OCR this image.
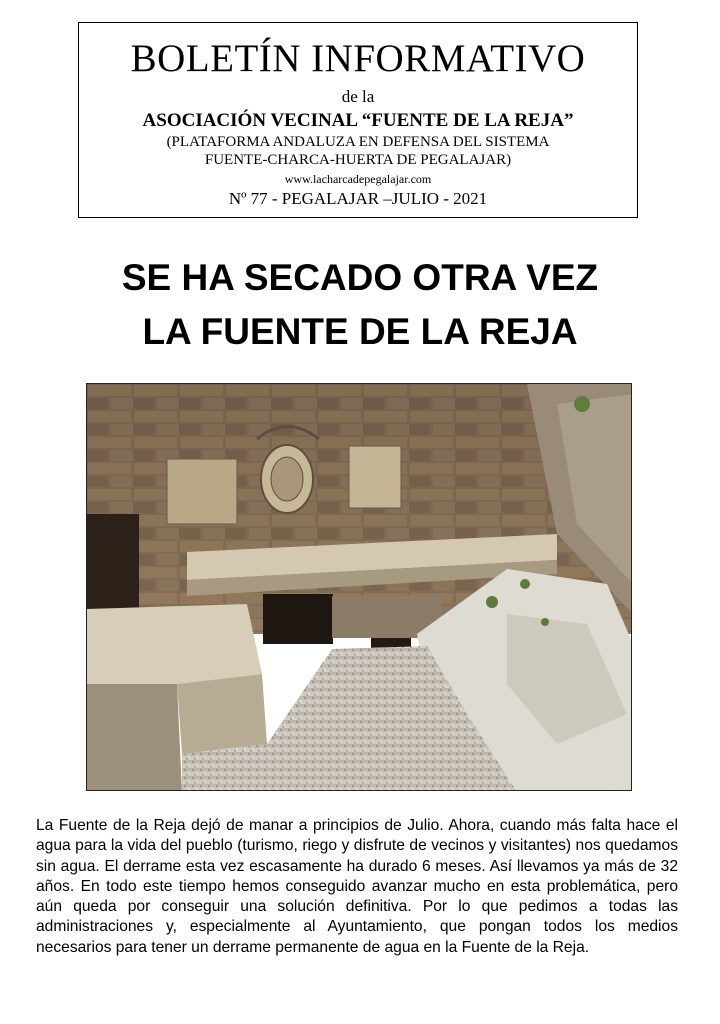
BOLETÍN INFORMATIVO
de la
ASOCIACIÓN VECINAL “FUENTE DE LA REJA”
(PLATAFORMA ANDALUZA EN DEFENSA DEL SISTEMA
FUENTE-CHARCA-HUERTA DE PEGALAJAR)
www.lacharcadepegalajar.com
Nº 77 - PEGALAJAR –JULIO - 2021
SE HA SECADO OTRA VEZ
LA FUENTE DE LA REJA

La Fuente de la Reja dejó de manar a principios de Julio. Ahora, cuando más falta hace el agua para la vida del pueblo (turismo, riego y disfrute de vecinos y visitantes) nos quedamos sin agua. El derrame esta vez escasamente ha durado 6 meses. Así llevamos ya más de 32 años. En todo este tiempo hemos conseguido avanzar mucho en esta problemática, pero aún queda por conseguir una solución definitiva. Por lo que pedimos a todas las administraciones y, especialmente al Ayuntamiento, que pongan todos los medios necesarios para tener un derrame permanente de agua en la Fuente de la Reja.
